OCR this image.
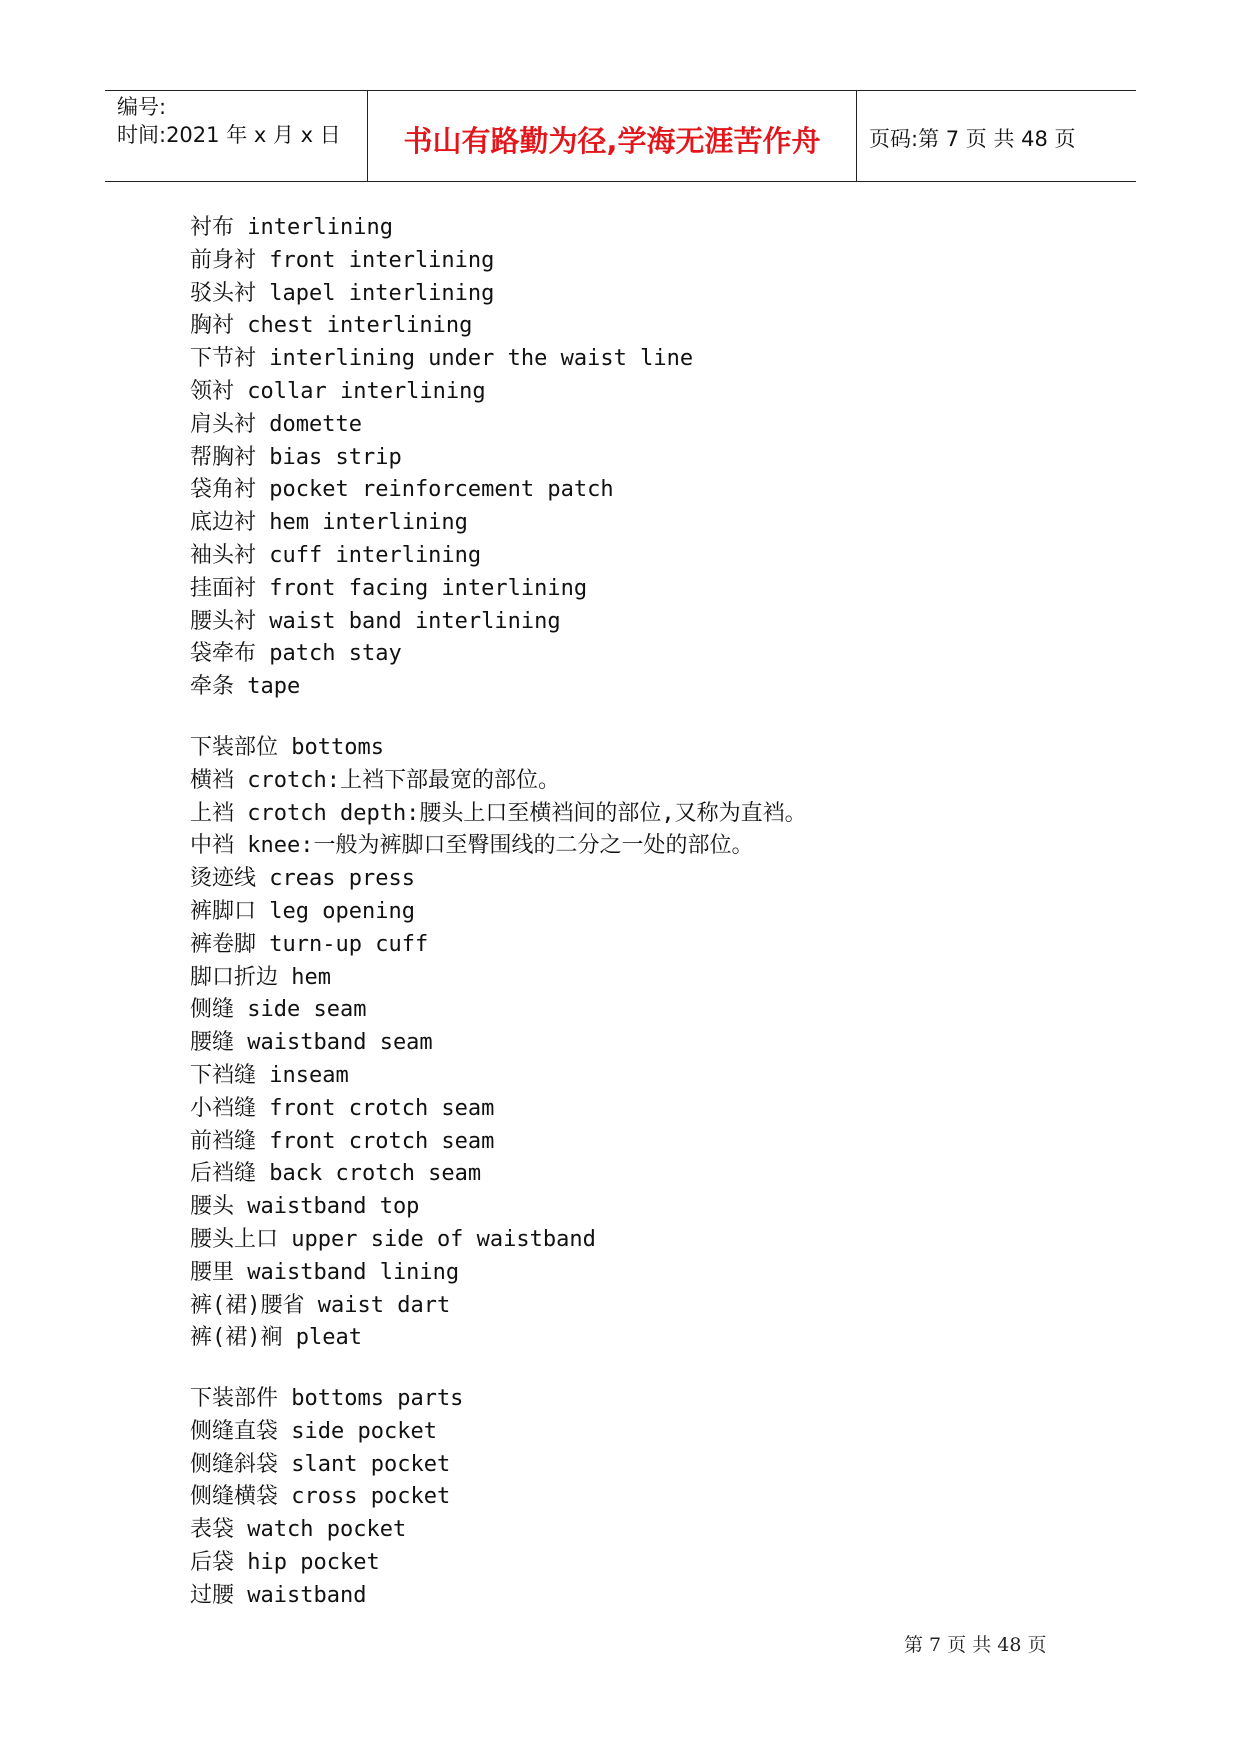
编号:
时间:2021 年 x 月 x 日	书山有路勤为径,学海无涯苦作舟	页码:第 7 页 共 48 页
衬布 interlining
前身衬 front interlining
驳头衬 lapel interlining
胸衬 chest interlining
下节衬 interlining under the waist line
领衬 collar interlining
肩头衬 domette
帮胸衬 bias strip
袋角衬 pocket reinforcement patch
底边衬 hem interlining
袖头衬 cuff interlining
挂面衬 front facing interlining
腰头衬 waist band interlining
袋牵布 patch stay
牵条 tape
下装部位 bottoms
横裆 crotch:上裆下部最宽的部位。
上裆 crotch depth:腰头上口至横裆间的部位,又称为直裆。
中裆 knee:一般为裤脚口至臀围线的二分之一处的部位。
烫迹线 creas press
裤脚口 leg opening
裤卷脚 turn-up cuff
脚口折边 hem
侧缝 side seam
腰缝 waistband seam
下裆缝 inseam
小裆缝 front crotch seam
前裆缝 front crotch seam
后裆缝 back crotch seam
腰头 waistband top
腰头上口 upper side of waistband
腰里 waistband lining
裤(裙)腰省 waist dart
裤(裙)裥 pleat
下装部件 bottoms parts
侧缝直袋 side pocket
侧缝斜袋 slant pocket
侧缝横袋 cross pocket
表袋 watch pocket
后袋 hip pocket
过腰 waistband
第 7 页 共 48 页
